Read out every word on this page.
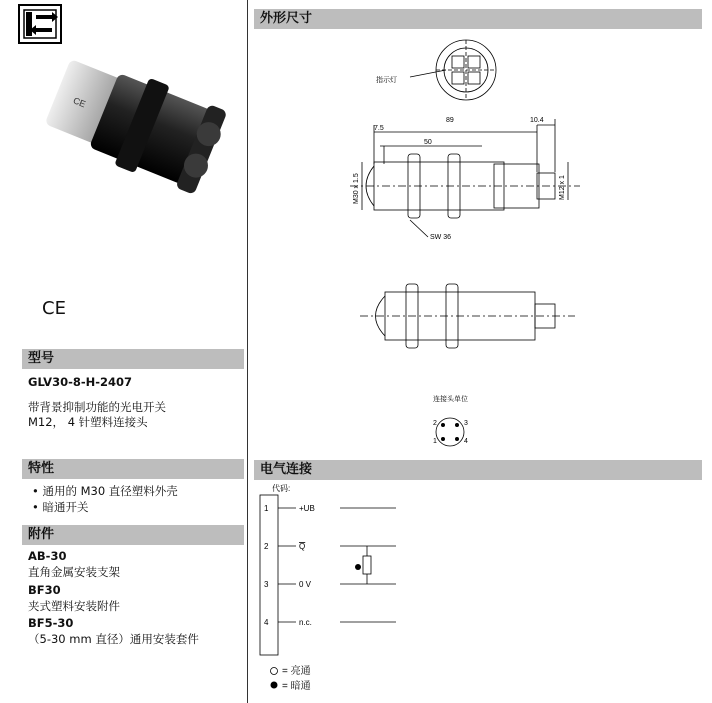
CE
CE
型号
GLV30-8-H-2407
带背景抑制功能的光电开关
M12， 4 针塑料连接头
特性
• 通用的 M30 直径塑料外壳
• 暗通开关
附件
AB-30
直角金属安装支架
BF30
夹式塑料安装附件
BF5-30
（5-30 mm 直径）通用安装套件
外形尺寸
指示灯
89
7.5
50
10.4
M30 x 1.5	M12 x 1
SW 36
连接头单位
1
2	3
4
电气连接
代码:
1
2
3
4
+UB
Q
0 V
n.c.
= 亮通
= 暗通
